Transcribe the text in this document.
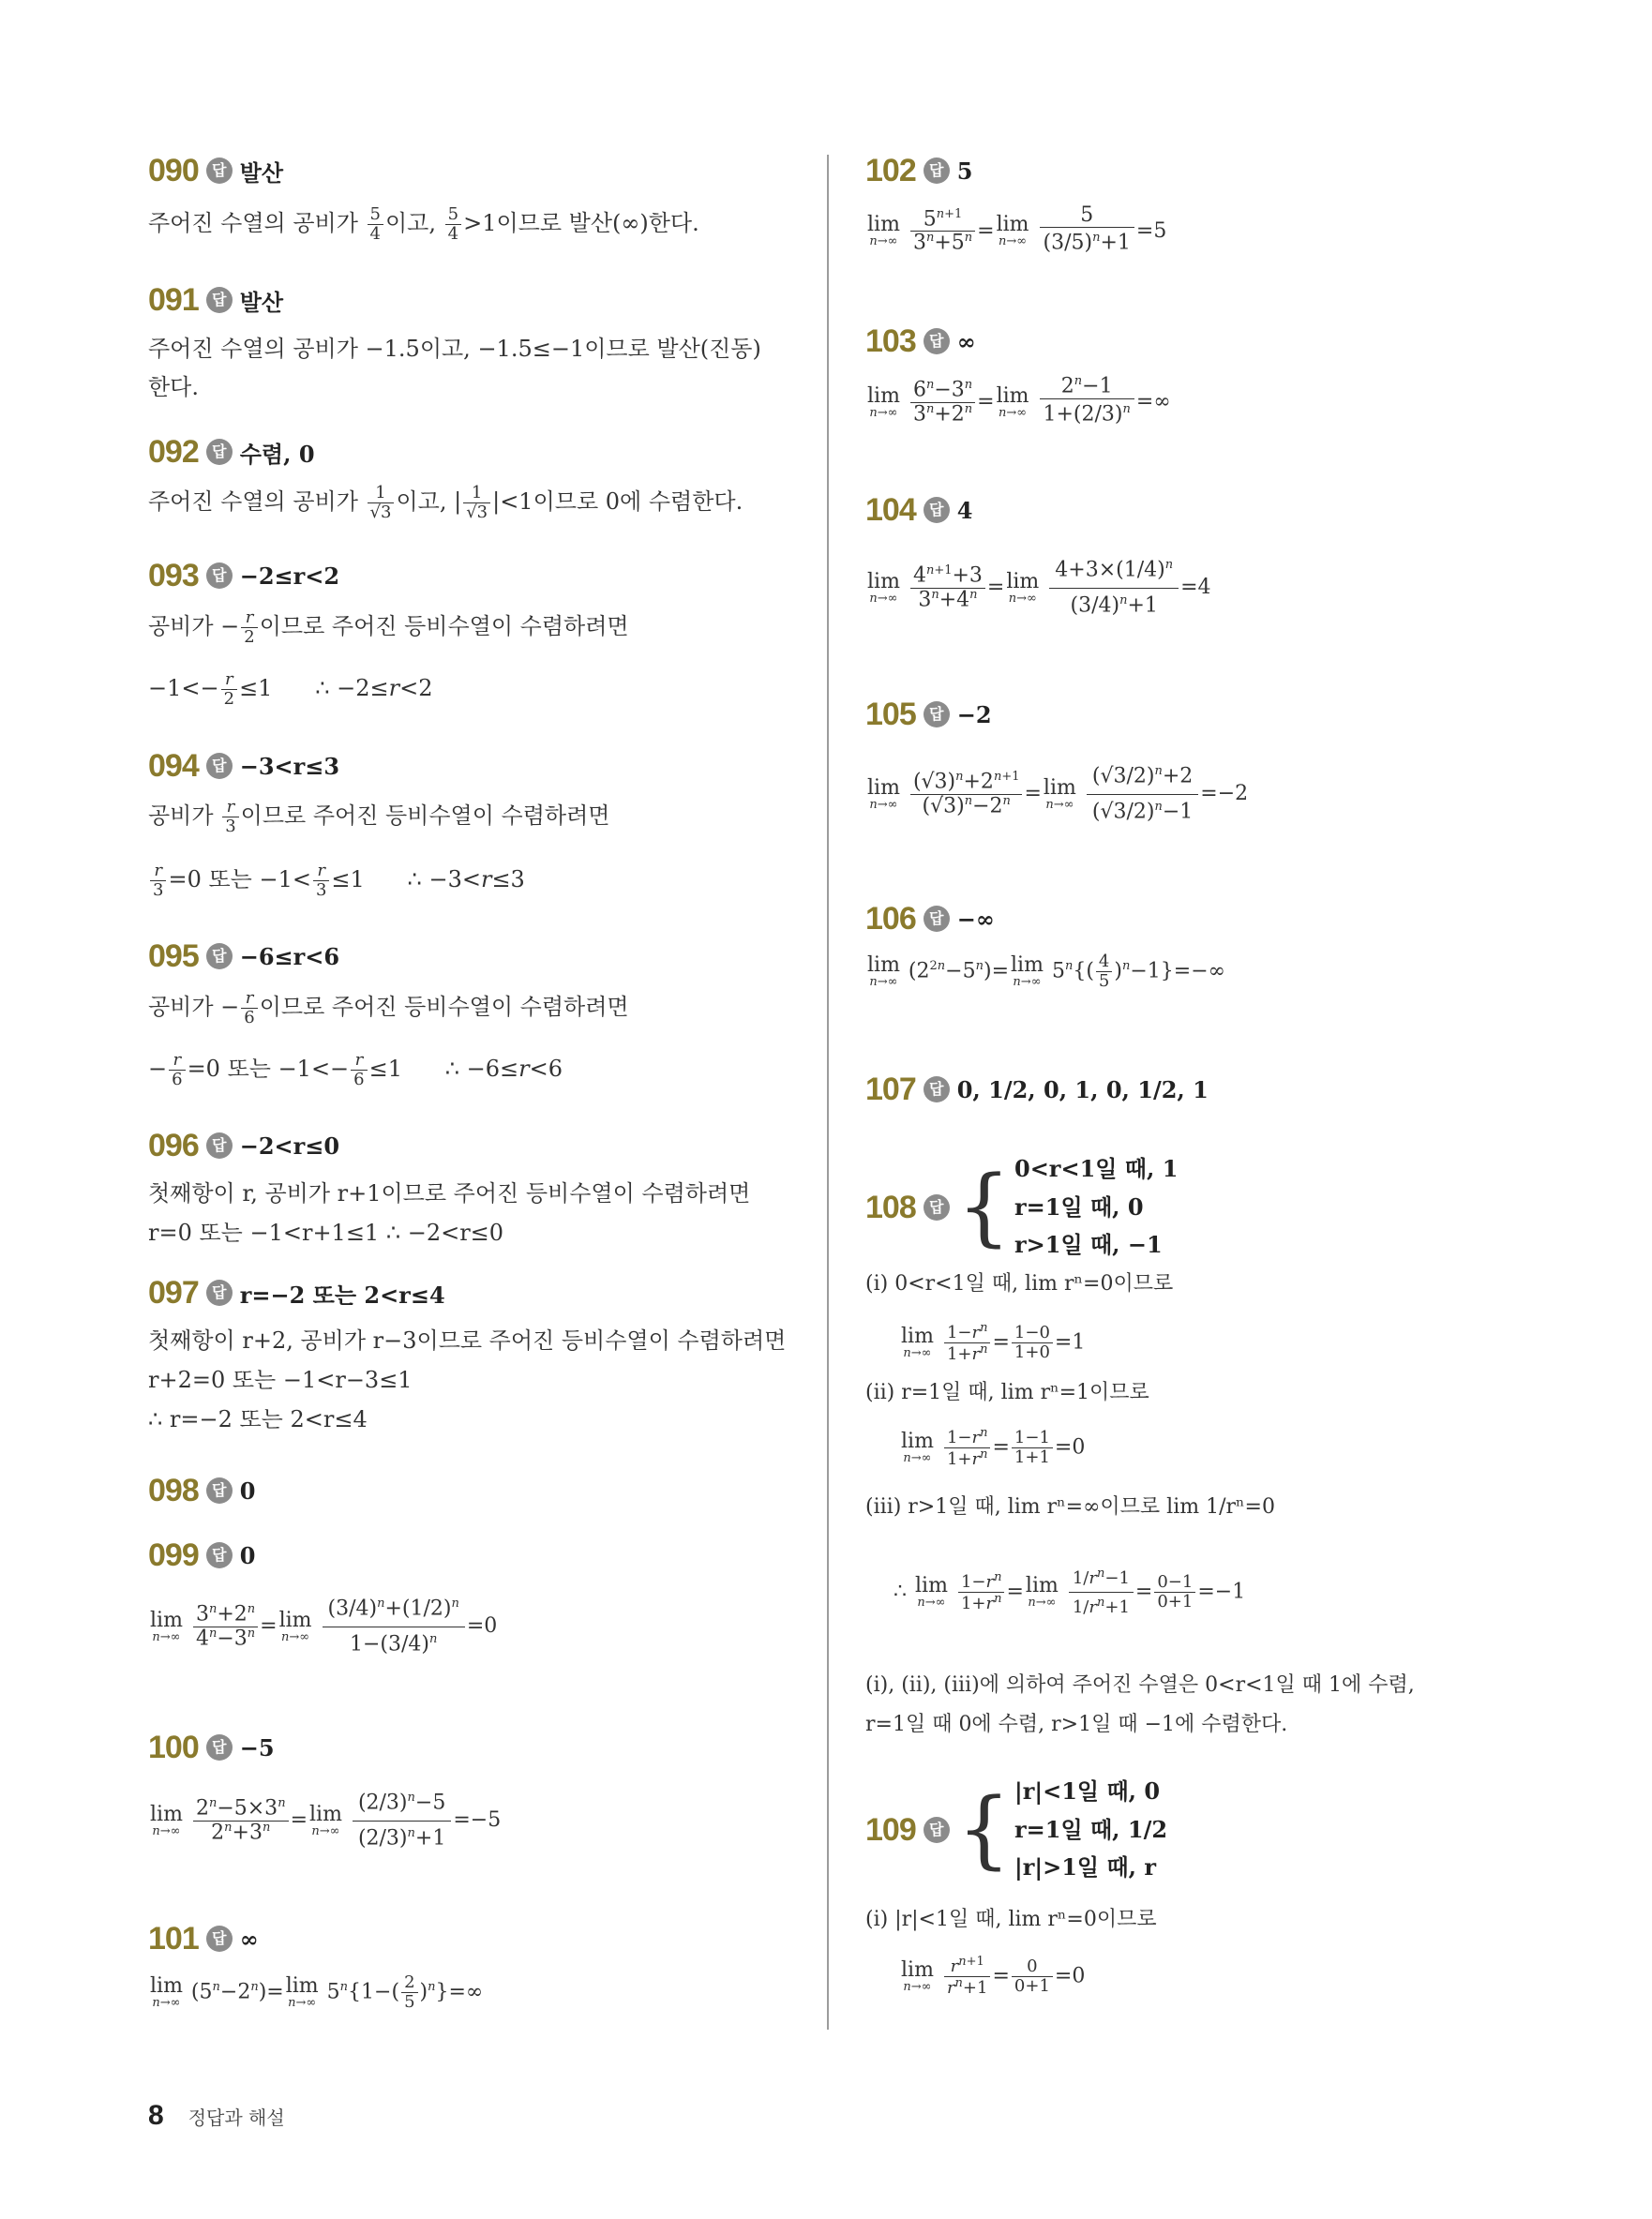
090 답 발산
주어진 수열의 공비가 $\frac{5}{4}$ 이고, $\frac{5}{4} >1$이므로 발산(∞)한다.
091 답 발산
주어진 수열의 공비가 −1.5이고, −1.5≤−1이므로 발산(진동)
한다.
092 답 수렴, 0
주어진 수열의 공비가 $\frac{1}{√3}$ 이고, | $\frac{1}{√3} |<1$이므로 0에 수렴한다.
093 답 −2≤r<2
공비가 − $\frac{r}{2}$ 이므로 주어진 등비수열이 수렴하려면
$-1<- \frac{r}{2} \le 1$      ∴ −2≤r<2
094 답 −3<r≤3
공비가 $\frac{r}{3}$ 이므로 주어진 등비수열이 수렴하려면
$\frac{r}{3} =0$ 또는 $-1< \frac{r}{3} \le 1$      ∴ −3<r≤3
095 답 −6≤r<6
공비가 − $\frac{r}{6}$ 이므로 주어진 등비수열이 수렴하려면
− $\frac{r}{6} =0$ 또는 $-1<- \frac{r}{6} \le 1$      ∴ −6≤r<6
096 답 −2<r≤0
첫째항이 r, 공비가 r+1이므로 주어진 등비수열이 수렴하려면
r=0 또는 −1<r+1≤1 ∴ −2<r≤0
097 답 r=−2 또는 2<r≤4
첫째항이 r+2, 공비가 r−3이므로 주어진 등비수열이 수렴하려면
r+2=0 또는 −1<r−3≤1
∴ r=−2 또는 2<r≤4
098 답 0
099 답 0
lim
n→∞
$\frac{3^n+2^n}{4^n-3^n} =\lim$
n→∞
$\frac{(3/4)^n+(1/2)^n}{1-(3/4)^n} =0$
100 답 −5
lim
n→∞
$\frac{2^n-5\times 3^n}{2^n+3^n} =\lim$
n→∞
$\frac{(2/3)^n-5}{(2/3)^n+1} =-5$
101 답 ∞
lim
n→∞ $(5^n-2^n)=\lim$
n→∞ $5^n\{1-( \frac{2}{5} )^n\}=\infty$
102 답 5
lim
n→∞
$\frac{5^{n+1}}{3^n+5^n} =\lim$
n→∞
$\frac{5}{(3/5)^n+1} =5$
103 답 ∞
lim
n→∞
$\frac{6^n-3^n}{3^n+2^n} =\lim$
n→∞
$\frac{2^n-1}{1+(2/3)^n}$ =∞
104 답 4
lim
n→∞
$\frac{4^{n+1}+3}{3^n+4^n} =\lim$
n→∞
$\frac{4+3\times(1/4)^n}{(3/4)^n+1} =4$
105 답 −2
lim
n→∞
$\frac{(√3)^n+2^{n+1}}{(√3)^n-2^n} =\lim$
n→∞
$\frac{(√3/2)^n+2}{(√3/2)^n-1} =-2$
106 답 −∞
lim
n→∞ $(2^{2n}-5^n)=\lim$
n→∞ $5^n\{( \frac{4}{5} )^n-1\}=-\infty$
107 답 0, 1/2, 0, 1, 0, 1/2, 1
108 답 { 0<r<1일 때, 1
r=1일 때, 0
r>1일 때, −1
(ⅰ) 0<r<1일 때, lim rⁿ=0이므로
lim
n→∞
$\frac{1-r^n}{1+r^n} = \frac{1-0}{1+0} =1$
(ⅱ) r=1일 때, lim rⁿ=1이므로
lim
n→∞
$\frac{1-r^n}{1+r^n} = \frac{1-1}{1+1} =0$
(ⅲ) r>1일 때, lim rⁿ=∞이므로 lim 1/rⁿ=0
∴ lim
n→∞
$\frac{1-r^n}{1+r^n} =\lim$
n→∞
$\frac{1/r^n-1}{1/r^n+1} = \frac{0-1}{0+1} =-1$
(ⅰ), (ⅱ), (ⅲ)에 의하여 주어진 수열은 0<r<1일 때 1에 수렴,
r=1일 때 0에 수렴, r>1일 때 −1에 수렴한다.
109 답 { |r|<1일 때, 0
r=1일 때, 1/2
|r|>1일 때, r
(ⅰ) |r|<1일 때, lim rⁿ=0이므로
lim
n→∞
$\frac{r^{n+1}}{r^n+1} = \frac{0}{0+1} =0$
8 정답과 해설
